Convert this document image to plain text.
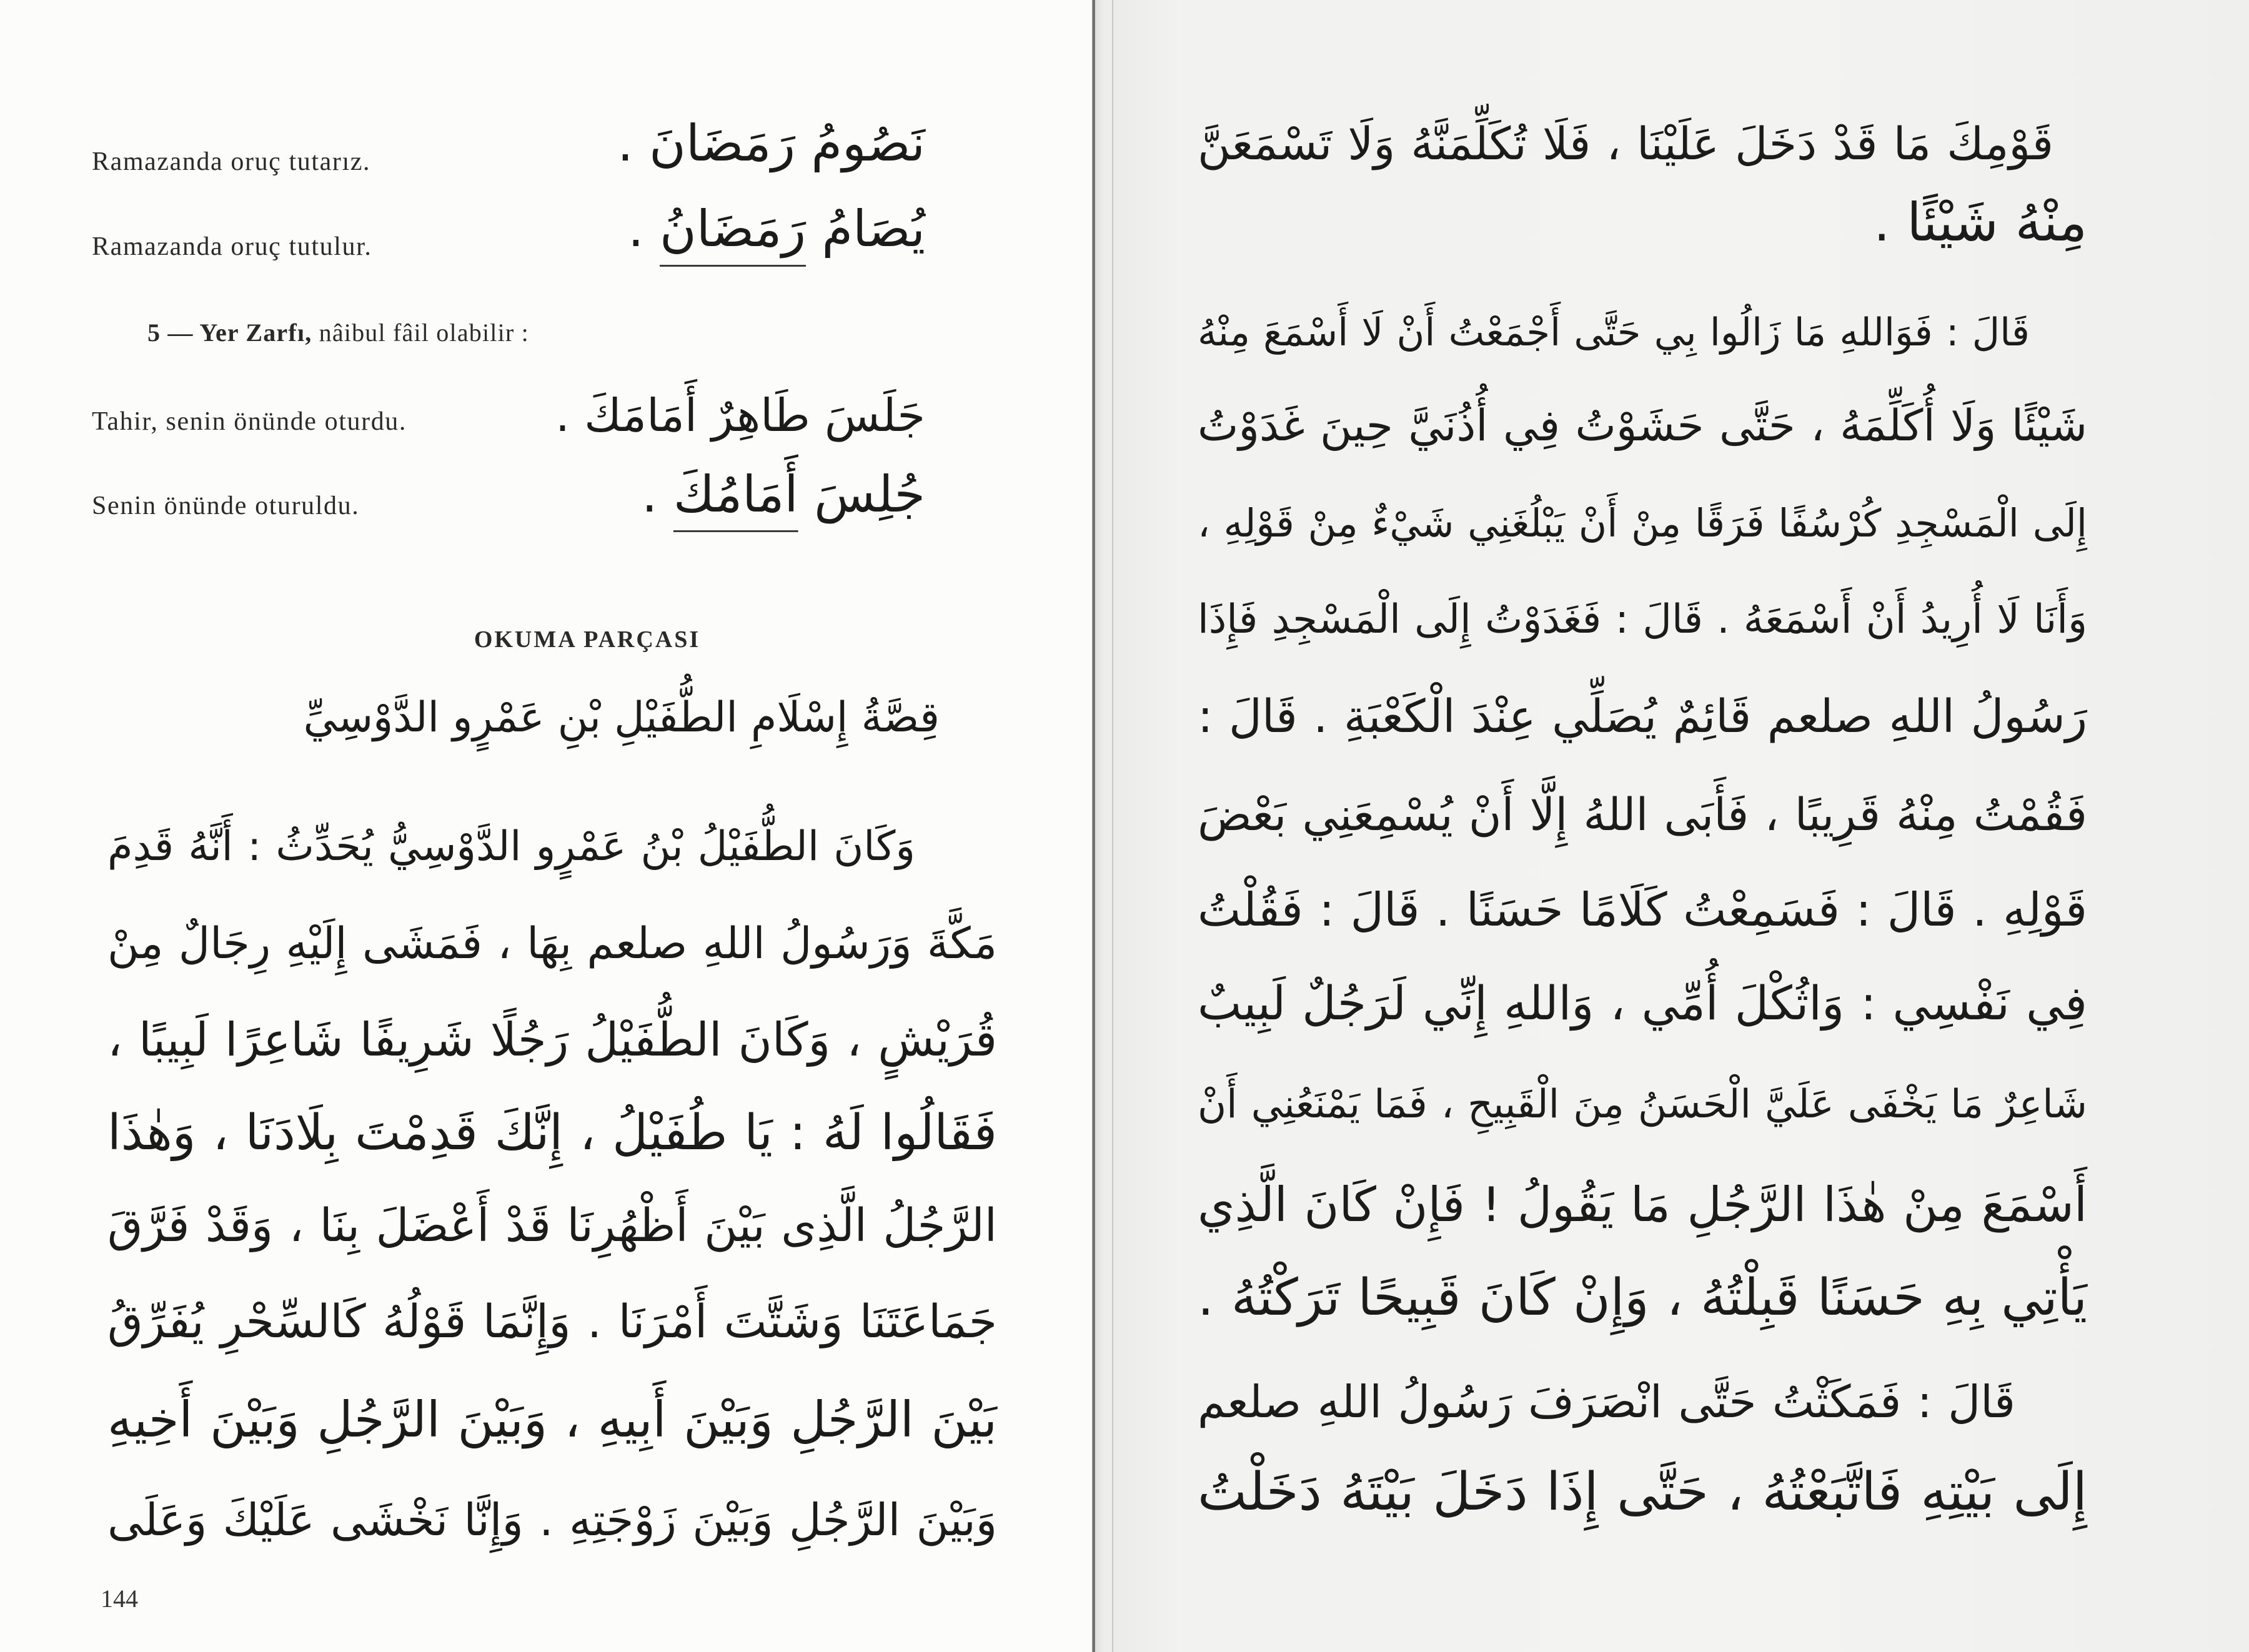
نَصُومُ رَمَضَانَ .
Ramazanda oruç tutarız.
يُصَامُ رَمَضَانُ .
Ramazanda oruç tutulur.
5 — Yer Zarfı, nâibul fâil olabilir :
جَلَسَ طَاهِرٌ أَمَامَكَ .
Tahir, senin önünde oturdu.
جُلِسَ أَمَامُكَ .
Senin önünde oturuldu.
OKUMA PARÇASI
قِصَّةُ إِسْلَامِ الطُّفَيْلِ بْنِ عَمْرٍو الدَّوْسِيِّ
وَكَانَ الطُّفَيْلُ بْنُ عَمْرٍو الدَّوْسِيُّ يُحَدِّثُ : أَنَّهُ قَدِمَ
مَكَّةَ وَرَسُولُ اللهِ صلعم بِهَا ، فَمَشَى إِلَيْهِ رِجَالٌ مِنْ
قُرَيْشٍ ، وَكَانَ الطُّفَيْلُ رَجُلًا شَرِيفًا شَاعِرًا لَبِيبًا ،
فَقَالُوا لَهُ : يَا طُفَيْلُ ، إِنَّكَ قَدِمْتَ بِلَادَنَا ، وَهٰذَا
الرَّجُلُ الَّذِى بَيْنَ أَظْهُرِنَا قَدْ أَعْضَلَ بِنَا ، وَقَدْ فَرَّقَ
جَمَاعَتَنَا وَشَتَّتَ أَمْرَنَا . وَإِنَّمَا قَوْلُهُ كَالسِّحْرِ يُفَرِّقُ
بَيْنَ الرَّجُلِ وَبَيْنَ أَبِيهِ ، وَبَيْنَ الرَّجُلِ وَبَيْنَ أَخِيهِ
وَبَيْنَ الرَّجُلِ وَبَيْنَ زَوْجَتِهِ . وَإِنَّا نَخْشَى عَلَيْكَ وَعَلَى
144
قَوْمِكَ مَا قَدْ دَخَلَ عَلَيْنَا ، فَلَا تُكَلِّمَنَّهُ وَلَا تَسْمَعَنَّ
مِنْهُ شَيْئًا .
قَالَ : فَوَاللهِ مَا زَالُوا بِي حَتَّى أَجْمَعْتُ أَنْ لَا أَسْمَعَ مِنْهُ
شَيْئًا وَلَا أُكَلِّمَهُ ، حَتَّى حَشَوْتُ فِي أُذُنَيَّ حِينَ غَدَوْتُ
إِلَى الْمَسْجِدِ كُرْسُفًا فَرَقًا مِنْ أَنْ يَبْلُغَنِي شَيْءٌ مِنْ قَوْلِهِ ،
وَأَنَا لَا أُرِيدُ أَنْ أَسْمَعَهُ . قَالَ : فَغَدَوْتُ إِلَى الْمَسْجِدِ فَإِذَا
رَسُولُ اللهِ صلعم قَائِمٌ يُصَلِّي عِنْدَ الْكَعْبَةِ . قَالَ :
فَقُمْتُ مِنْهُ قَرِيبًا ، فَأَبَى اللهُ إِلَّا أَنْ يُسْمِعَنِي بَعْضَ
قَوْلِهِ . قَالَ : فَسَمِعْتُ كَلَامًا حَسَنًا . قَالَ : فَقُلْتُ
فِي نَفْسِي : وَاثُكْلَ أُمِّي ، وَاللهِ إِنِّي لَرَجُلٌ لَبِيبٌ
شَاعِرٌ مَا يَخْفَى عَلَيَّ الْحَسَنُ مِنَ الْقَبِيحِ ، فَمَا يَمْنَعُنِي أَنْ
أَسْمَعَ مِنْ هٰذَا الرَّجُلِ مَا يَقُولُ ! فَإِنْ كَانَ الَّذِي
يَأْتِي بِهِ حَسَنًا قَبِلْتُهُ ، وَإِنْ كَانَ قَبِيحًا تَرَكْتُهُ .
قَالَ : فَمَكَثْتُ حَتَّى انْصَرَفَ رَسُولُ اللهِ صلعم
إِلَى بَيْتِهِ فَاتَّبَعْتُهُ ، حَتَّى إِذَا دَخَلَ بَيْتَهُ دَخَلْتُ
